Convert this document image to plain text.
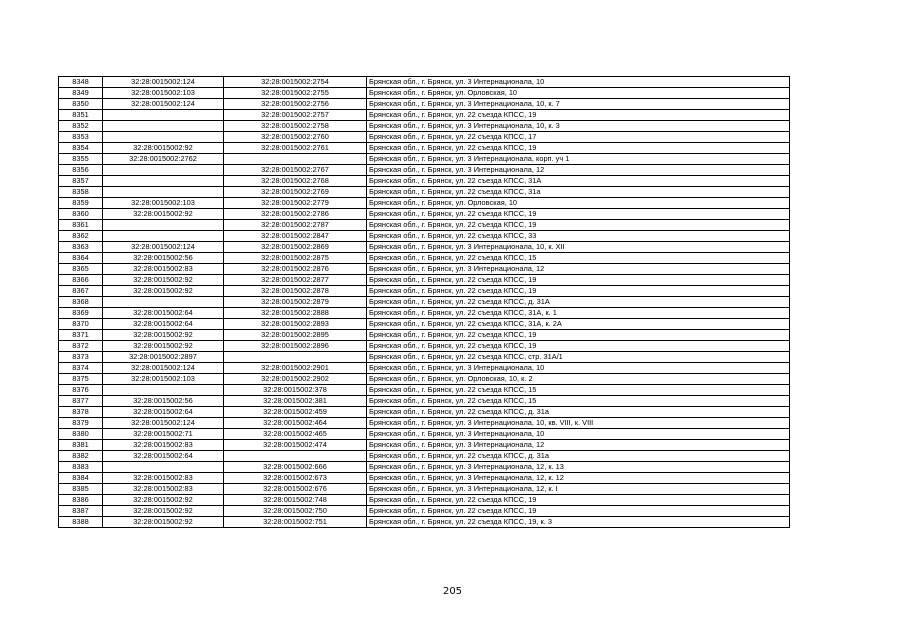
8348	32:28:0015002:124	32:28:0015002:2754	Брянская обл., г. Брянск, ул. 3 Интернационала, 10
8349	32:28:0015002:103	32:28:0015002:2755	Брянская обл., г. Брянск, ул. Орловская, 10
8350	32:28:0015002:124	32:28:0015002:2756	Брянская обл., г. Брянск, ул. 3 Интернационала, 10, к. 7
8351		32:28:0015002:2757	Брянская обл., г. Брянск, ул. 22 съезда КПСС, 19
8352		32:28:0015002:2758	Брянская обл., г. Брянск, ул. 3 Интернационала, 10, к. 3
8353		32:28:0015002:2760	Брянская обл., г. Брянск, ул. 22 съезда КПСС, 17
8354	32:28:0015002:92	32:28:0015002:2761	Брянская обл., г. Брянск, ул. 22 съезда КПСС, 19
8355	32:28:0015002:2762		Брянская обл., г. Брянск, ул. 3 Интернационала, корп. уч 1
8356		32:28:0015002:2767	Брянская обл., г. Брянск, ул. 3 Интернационала, 12
8357		32:28:0015002:2768	Брянская обл., г. Брянск, ул. 22 съезда КПСС, 31А
8358		32:28:0015002:2769	Брянская обл., г. Брянск, ул. 22 съезда КПСС, 31а
8359	32:28:0015002:103	32:28:0015002:2779	Брянская обл., г. Брянск, ул. Орловская, 10
8360	32:28:0015002:92	32:28:0015002:2786	Брянская обл., г. Брянск, ул. 22 съезда КПСС, 19
8361		32:28:0015002:2787	Брянская обл., г. Брянск, ул. 22 съезда КПСС, 19
8362		32:28:0015002:2847	Брянская обл., г. Брянск, ул. 22 съезда КПСС, 33
8363	32:28:0015002:124	32:28:0015002:2869	Брянская обл., г. Брянск, ул. 3 Интернационала, 10, к. XII
8364	32:28:0015002:56	32:28:0015002:2875	Брянская обл., г. Брянск, ул. 22 съезда КПСС, 15
8365	32:28:0015002:83	32:28:0015002:2876	Брянская обл., г. Брянск, ул. 3 Интернационала, 12
8366	32:28:0015002:92	32:28:0015002:2877	Брянская обл., г. Брянск, ул. 22 съезда КПСС, 19
8367	32:28:0015002:92	32:28:0015002:2878	Брянская обл., г. Брянск, ул. 22 съезда КПСС, 19
8368		32:28:0015002:2879	Брянская обл., г. Брянск, ул. 22 съезда КПСС, д. 31А
8369	32:28:0015002:64	32:28:0015002:2888	Брянская обл., г. Брянск, ул. 22 съезда КПСС, 31А, к. 1
8370	32:28:0015002:64	32:28:0015002:2893	Брянская обл., г. Брянск, ул. 22 съезда КПСС, 31А, к. 2А
8371	32:28:0015002:92	32:28:0015002:2895	Брянская обл., г. Брянск, ул. 22 съезда КПСС, 19
8372	32:28:0015002:92	32:28:0015002:2896	Брянская обл., г. Брянск, ул. 22 съезда КПСС, 19
8373	32:28:0015002:2897		Брянская обл., г. Брянск, ул. 22 съезда КПСС, стр. 31А/1
8374	32:28:0015002:124	32:28:0015002:2901	Брянская обл., г. Брянск, ул. 3 Интернационала, 10
8375	32:28:0015002:103	32:28:0015002:2902	Брянская обл., г. Брянск, ул. Орловская, 10, к. 2
8376		32:28:0015002:378	Брянская обл., г. Брянск, ул. 22 съезда КПСС, 15
8377	32:28:0015002:56	32:28:0015002:381	Брянская обл., г. Брянск, ул. 22 съезда КПСС, 15
8378	32:28:0015002:64	32:28:0015002:459	Брянская обл., г. Брянск, ул. 22 съезда КПСС, д. 31а
8379	32:28:0015002:124	32:28:0015002:464	Брянская обл., г. Брянск, ул. 3 Интернационала, 10, кв. VIII, к. VIII
8380	32:28:0015002:71	32:28:0015002:465	Брянская обл., г. Брянск, ул. 3 Интернационала, 10
8381	32:28:0015002:83	32:28:0015002:474	Брянская обл., г. Брянск, ул. 3 Интернационала, 12
8382	32:28:0015002:64		Брянская обл., г. Брянск, ул. 22 съезда КПСС, д. 31а
8383		32:28:0015002:666	Брянская обл., г. Брянск, ул. 3 Интернационала, 12, к. 13
8384	32:28:0015002:83	32:28:0015002:673	Брянская обл., г. Брянск, ул. 3 Интернационала, 12, к. 12
8385	32:28:0015002:83	32:28:0015002:676	Брянская обл., г. Брянск, ул. 3 Интернационала, 12, к. I
8386	32:28:0015002:92	32:28:0015002:748	Брянская обл., г. Брянск, ул. 22 съезда КПСС, 19
8387	32:28:0015002:92	32:28:0015002:750	Брянская обл., г. Брянск, ул. 22 съезда КПСС, 19
8388	32:28:0015002:92	32:28:0015002:751	Брянская обл., г. Брянск, ул. 22 съезда КПСС, 19, к. 3
205
